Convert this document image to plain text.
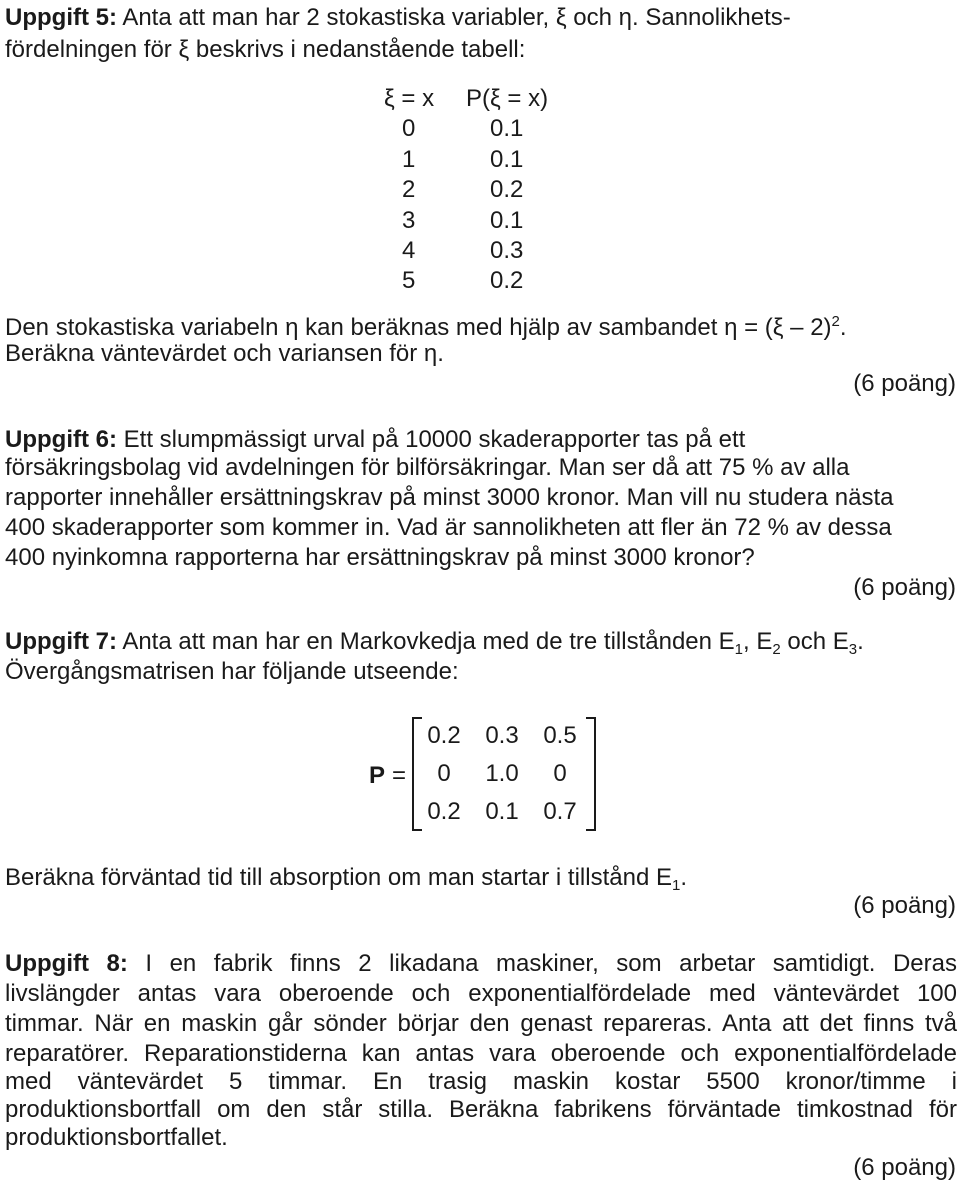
Uppgift 5: Anta att man har 2 stokastiska variabler, ξ och η. Sannolikhets-
fördelningen för ξ beskrivs i nedanstående tabell:
ξ = x	P(ξ = x)
0	0.1
1	0.1
2	0.2
3	0.1
4	0.3
5	0.2
Den stokastiska variabeln η kan beräknas med hjälp av sambandet η = (ξ – 2)$^2$.
Beräkna väntevärdet och variansen för η.
(6 poäng)
Uppgift 6: Ett slumpmässigt urval på 10000 skaderapporter tas på ett
försäkringsbolag vid avdelningen för bilförsäkringar. Man ser då att 75 % av alla
rapporter innehåller ersättningskrav på minst 3000 kronor. Man vill nu studera nästa
400 skaderapporter som kommer in. Vad är sannolikheten att fler än 72 % av dessa
400 nyinkomna rapporterna har ersättningskrav på minst 3000 kronor?
(6 poäng)
Uppgift 7: Anta att man har en Markovkedja med de tre tillstånden $E_1$, $E_2$ och $E_3$.
Övergångsmatrisen har följande utseende:
P =
0.2	0.3	0.5
0	1.0	0
0.2	0.1	0.7
Beräkna förväntad tid till absorption om man startar i tillstånd $E_1$.
(6 poäng)
Uppgift 8: I en fabrik finns 2 likadana maskiner, som arbetar samtidigt. Deras
livslängder antas vara oberoende och exponentialfördelade med väntevärdet 100
timmar. När en maskin går sönder börjar den genast repareras. Anta att det finns två
reparatörer. Reparationstiderna kan antas vara oberoende och exponentialfördelade
med väntevärdet 5 timmar. En trasig maskin kostar 5500 kronor/timme i
produktionsbortfall om den står stilla. Beräkna fabrikens förväntade timkostnad för
produktionsbortfallet.
(6 poäng)
